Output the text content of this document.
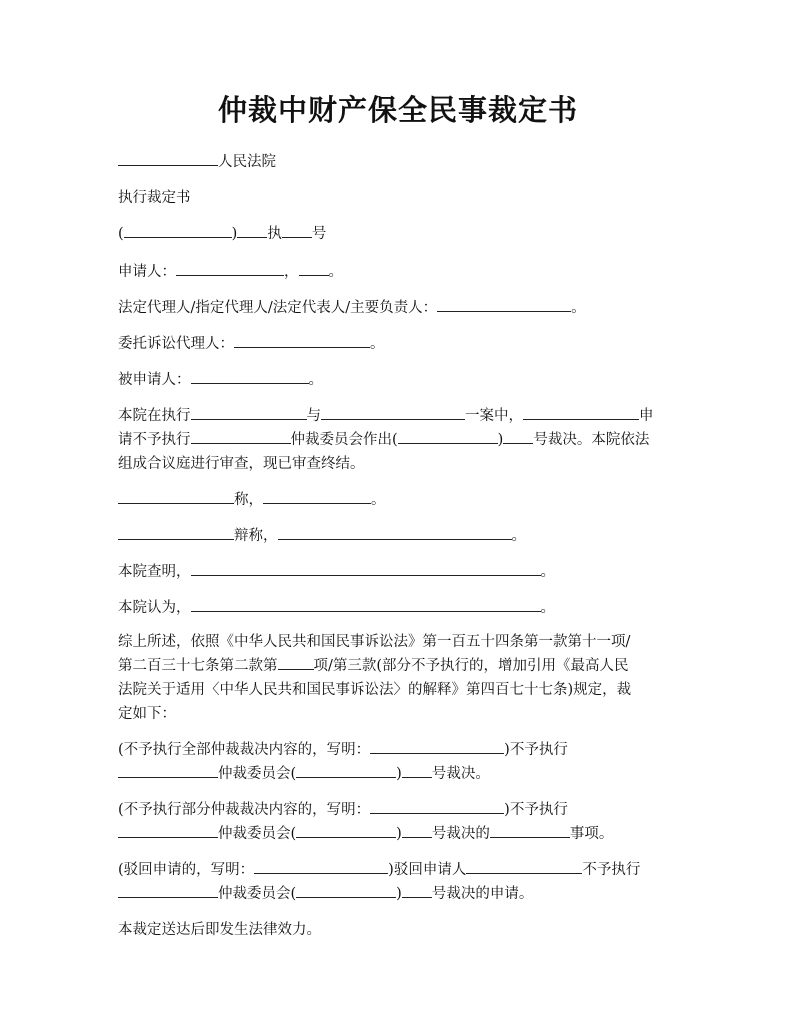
仲裁中财产保全民事裁定书

人民法院

执行裁定书

(	) 执 号

申请人：	， 。

法定代理人/指定代理人/法定代表人/主要负责人：	。

委托诉讼代理人：	。

被申请人：	。

本院在执行	与	一案中，	申
请不予执行	仲裁委员会作出(	) 号裁决。本院依法
组成合议庭进行审查，现已审查终结。

称，	。

辩称，	。

本院查明，	。

本院认为，	。

综上所述，依照《中华人民共和国民事诉讼法》第一百五十四条第一款第十一项/
第二百三十七条第二款第 项/第三款(部分不予执行的，增加引用《最高人民
法院关于适用〈中华人民共和国民事诉讼法〉的解释》第四百七十七条)规定，裁
定如下：

(不予执行全部仲裁裁决内容的，写明：	)不予执行
仲裁委员会(	) 号裁决。

(不予执行部分仲裁裁决内容的，写明：	)不予执行
仲裁委员会(	) 号裁决的	事项。

(驳回申请的，写明：	)驳回申请人	不予执行
仲裁委员会(	) 号裁决的申请。

本裁定送达后即发生法律效力。
